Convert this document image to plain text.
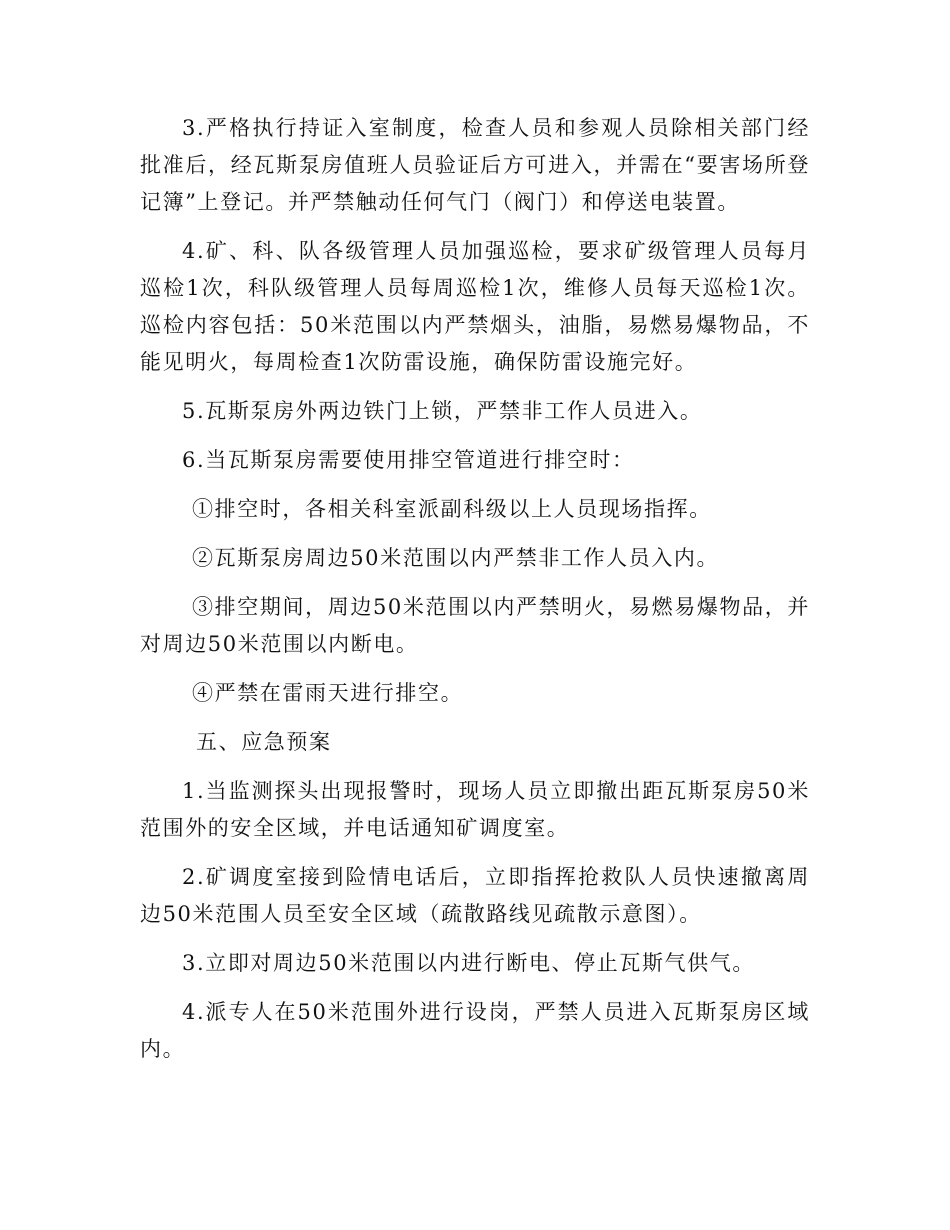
3.严格执行持证入室制度，检查人员和参观人员除相关部门经批准后，经瓦斯泵房值班人员验证后方可进入，并需在“要害场所登记簿”上登记。并严禁触动任何气门（阀门）和停送电装置。

4.矿、科、队各级管理人员加强巡检，要求矿级管理人员每月巡检1次，科队级管理人员每周巡检1次，维修人员每天巡检1次。巡检内容包括：50米范围以内严禁烟头，油脂，易燃易爆物品，不能见明火，每周检查1次防雷设施，确保防雷设施完好。

5.瓦斯泵房外两边铁门上锁，严禁非工作人员进入。

6.当瓦斯泵房需要使用排空管道进行排空时：

①排空时，各相关科室派副科级以上人员现场指挥。

②瓦斯泵房周边50米范围以内严禁非工作人员入内。

③排空期间，周边50米范围以内严禁明火，易燃易爆物品，并对周边50米范围以内断电。

④严禁在雷雨天进行排空。

五、应急预案

1.当监测探头出现报警时，现场人员立即撤出距瓦斯泵房50米范围外的安全区域，并电话通知矿调度室。

2.矿调度室接到险情电话后，立即指挥抢救队人员快速撤离周边50米范围人员至安全区域（疏散路线见疏散示意图）。

3.立即对周边50米范围以内进行断电、停止瓦斯气供气。

4.派专人在50米范围外进行设岗，严禁人员进入瓦斯泵房区域内。
